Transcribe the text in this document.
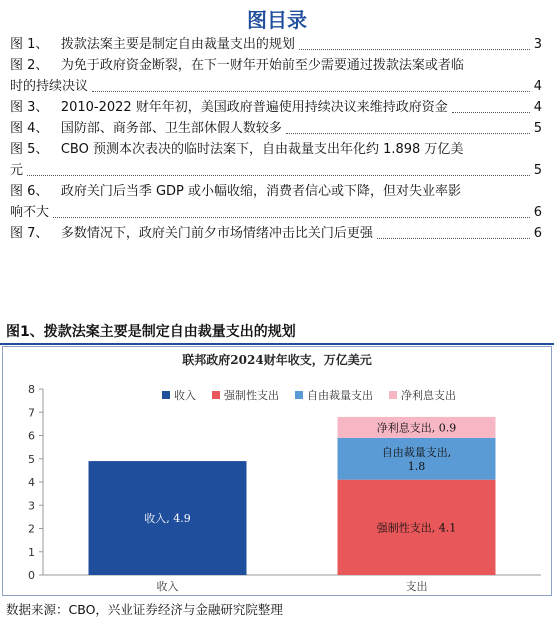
图目录
图 1、   拨款法案主要是制定自由裁量支出的规划	3
图 2、   为免于政府资金断裂，在下一财年开始前至少需要通过拨款法案或者临
时的持续决议	4
图 3、   2010-2022 财年年初，美国政府普遍使用持续决议来维持政府资金	4
图 4、   国防部、商务部、卫生部休假人数较多	5
图 5、   CBO 预测本次表决的临时法案下，自由裁量支出年化约 1.898 万亿美
元	5
图 6、   政府关门后当季 GDP 或小幅收缩，消费者信心或下降，但对失业率影
响不大	6
图 7、   多数情况下，政府关门前夕市场情绪冲击比关门后更强	6
图1、拨款法案主要是制定自由裁量支出的规划
联邦政府2024财年收支，万亿美元
收入	强制性支出	自由裁量支出	净利息支出
0
1
2
3
4
5
6
7
8
收入, 4.9
收入
强制性支出, 4.1
自由裁量支出,
1.8
净利息支出, 0.9
支出
数据来源：CBO，兴业证券经济与金融研究院整理
